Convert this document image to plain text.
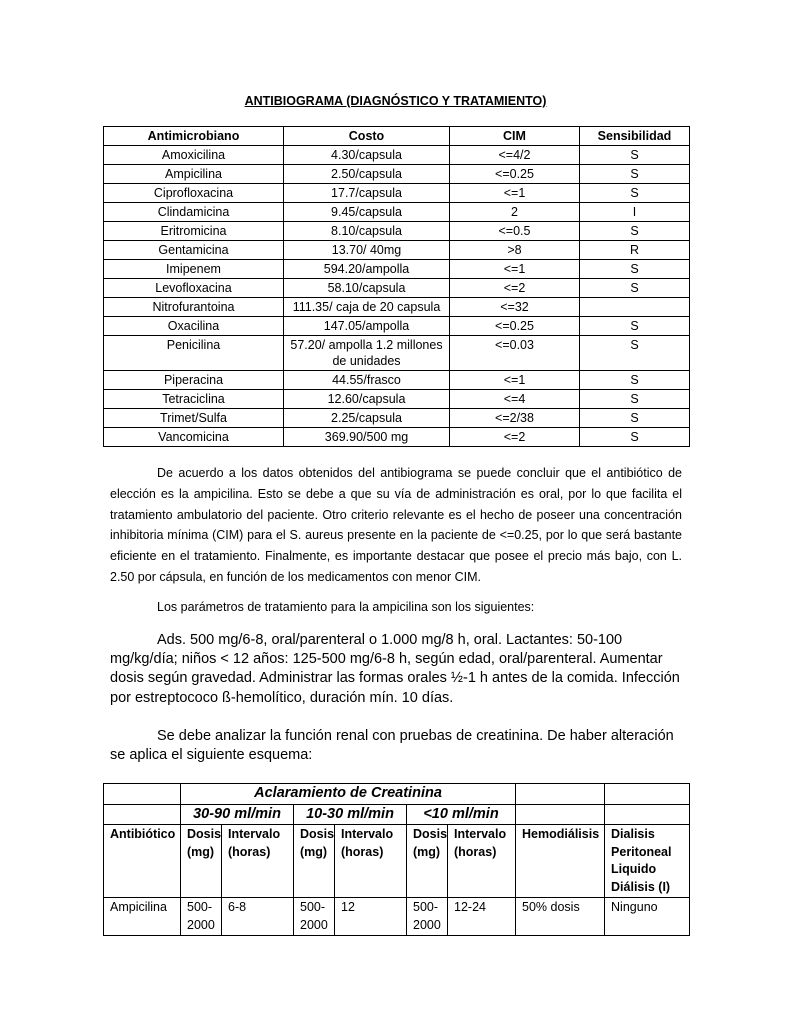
ANTIBIOGRAMA (DIAGNÓSTICO Y TRATAMIENTO)
Antimicrobiano	Costo	CIM	Sensibilidad
Amoxicilina	4.30/capsula	<=4/2	S
Ampicilina	2.50/capsula	<=0.25	S
Ciprofloxacina	17.7/capsula	<=1	S
Clindamicina	9.45/capsula	2	I
Eritromicina	8.10/capsula	<=0.5	S
Gentamicina	13.70/ 40mg	>8	R
Imipenem	594.20/ampolla	<=1	S
Levofloxacina	58.10/capsula	<=2	S
Nitrofurantoina	111.35/ caja de 20 capsula	<=32	
Oxacilina	147.05/ampolla	<=0.25	S
Penicilina	57.20/ ampolla 1.2 millones de unidades	<=0.03	S
Piperacina	44.55/frasco	<=1	S
Tetraciclina	12.60/capsula	<=4	S
Trimet/Sulfa	2.25/capsula	<=2/38	S
Vancomicina	369.90/500 mg	<=2	S

De acuerdo a los datos obtenidos del antibiograma se puede concluir que el antibiótico de elección es la ampicilina. Esto se debe a que su vía de administración es oral, por lo que facilita el tratamiento ambulatorio del paciente. Otro criterio relevante es el hecho de poseer una concentración inhibitoria mínima (CIM) para el S. aureus presente en la paciente de <=0.25, por lo que será bastante eficiente en el tratamiento. Finalmente, es importante destacar que posee el precio más bajo, con L. 2.50 por cápsula, en función de los medicamentos con menor CIM.

Los parámetros de tratamiento para la ampicilina son los siguientes:

Ads. 500 mg/6-8, oral/parenteral o 1.000 mg/8 h, oral. Lactantes: 50-100 mg/kg/día; niños < 12 años: 125-500 mg/6-8 h, según edad, oral/parenteral. Aumentar dosis según gravedad. Administrar las formas orales ½-1 h antes de la comida. Infección por estreptococo ß-hemolítico, duración mín. 10 días.

Se debe analizar la función renal con pruebas de creatinina. De haber alteración se aplica el siguiente esquema:

	Aclaramiento de Creatinina							
	30-90 ml/min		10-30 ml/min		<10 ml/min			
Antibiótico	Dosis (mg)	Intervalo (horas)	Dosis (mg)	Intervalo (horas)	Dosis (mg)	Intervalo (horas)	Hemodiálisis	Dialisis Peritoneal Liquido Diálisis (I)
Ampicilina	500-2000	6-8	500-2000	12	500-2000	12-24	50% dosis	Ninguno
